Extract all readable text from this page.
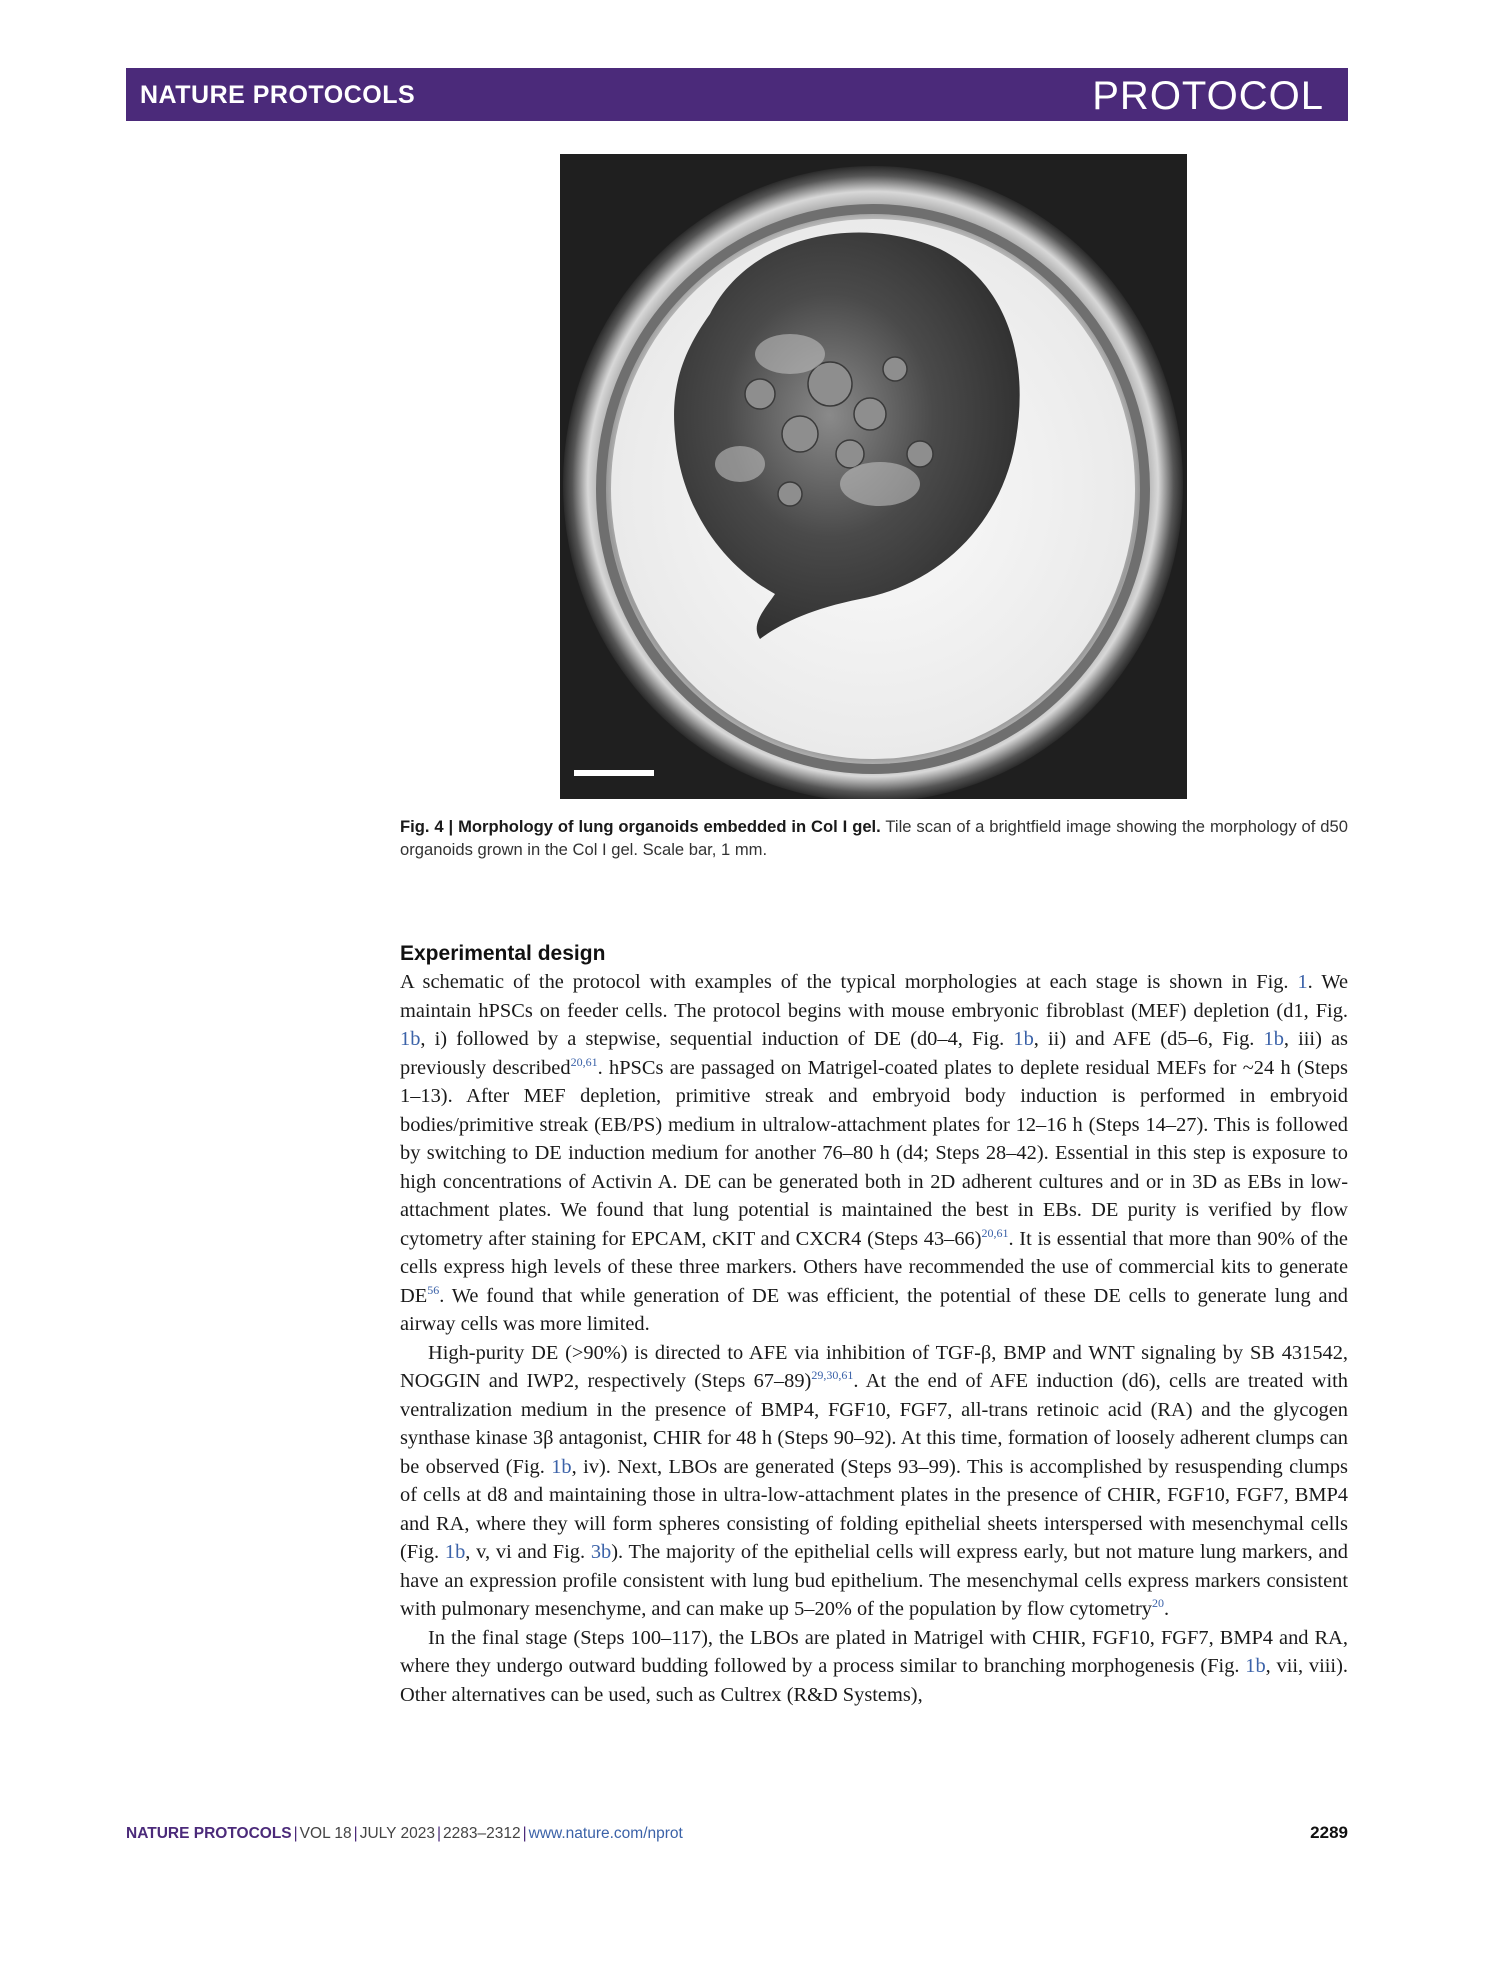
NATURE PROTOCOLS	PROTOCOL
Fig. 4 | Morphology of lung organoids embedded in Col I gel. Tile scan of a brightfield image showing the morphology of d50 organoids grown in the Col I gel. Scale bar, 1 mm.
Experimental design

A schematic of the protocol with examples of the typical morphologies at each stage is shown in Fig. 1. We maintain hPSCs on feeder cells. The protocol begins with mouse embryonic fibroblast (MEF) depletion (d1, Fig. 1b, i) followed by a stepwise, sequential induction of DE (d0–4, Fig. 1b, ii) and AFE (d5–6, Fig. 1b, iii) as previously described$^{20,61}$. hPSCs are passaged on Matrigel-coated plates to deplete residual MEFs for ~24 h (Steps 1–13). After MEF depletion, primitive streak and embryoid body induction is performed in embryoid bodies/primitive streak (EB/PS) medium in ultralow-attachment plates for 12–16 h (Steps 14–27). This is followed by switching to DE induction medium for another 76–80 h (d4; Steps 28–42). Essential in this step is exposure to high concentrations of Activin A. DE can be generated both in 2D adherent cultures and or in 3D as EBs in low-attachment plates. We found that lung potential is maintained the best in EBs. DE purity is verified by flow cytometry after staining for EPCAM, cKIT and CXCR4 (Steps 43–66)$^{20,61}$. It is essential that more than 90% of the cells express high levels of these three markers. Others have recommended the use of commercial kits to generate DE$^{56}$. We found that while generation of DE was efficient, the potential of these DE cells to generate lung and airway cells was more limited.

High-purity DE (>90%) is directed to AFE via inhibition of TGF-β, BMP and WNT signaling by SB 431542, NOGGIN and IWP2, respectively (Steps 67–89)$^{29,30,61}$. At the end of AFE induction (d6), cells are treated with ventralization medium in the presence of BMP4, FGF10, FGF7, all-trans retinoic acid (RA) and the glycogen synthase kinase 3β antagonist, CHIR for 48 h (Steps 90–92). At this time, formation of loosely adherent clumps can be observed (Fig. 1b, iv). Next, LBOs are generated (Steps 93–99). This is accomplished by resuspending clumps of cells at d8 and maintaining those in ultra-low-attachment plates in the presence of CHIR, FGF10, FGF7, BMP4 and RA, where they will form spheres consisting of folding epithelial sheets interspersed with mesenchymal cells (Fig. 1b, v, vi and Fig. 3b). The majority of the epithelial cells will express early, but not mature lung markers, and have an expression profile consistent with lung bud epithelium. The mesenchymal cells express markers consistent with pulmonary mesenchyme, and can make up 5–20% of the population by flow cytometry$^{20}$.

In the final stage (Steps 100–117), the LBOs are plated in Matrigel with CHIR, FGF10, FGF7, BMP4 and RA, where they undergo outward budding followed by a process similar to branching morphogenesis (Fig. 1b, vii, viii). Other alternatives can be used, such as Cultrex (R&D Systems),

NATURE PROTOCOLS | VOL 18 | JULY 2023 | 2283–2312 | www.nature.com/nprot	2289
